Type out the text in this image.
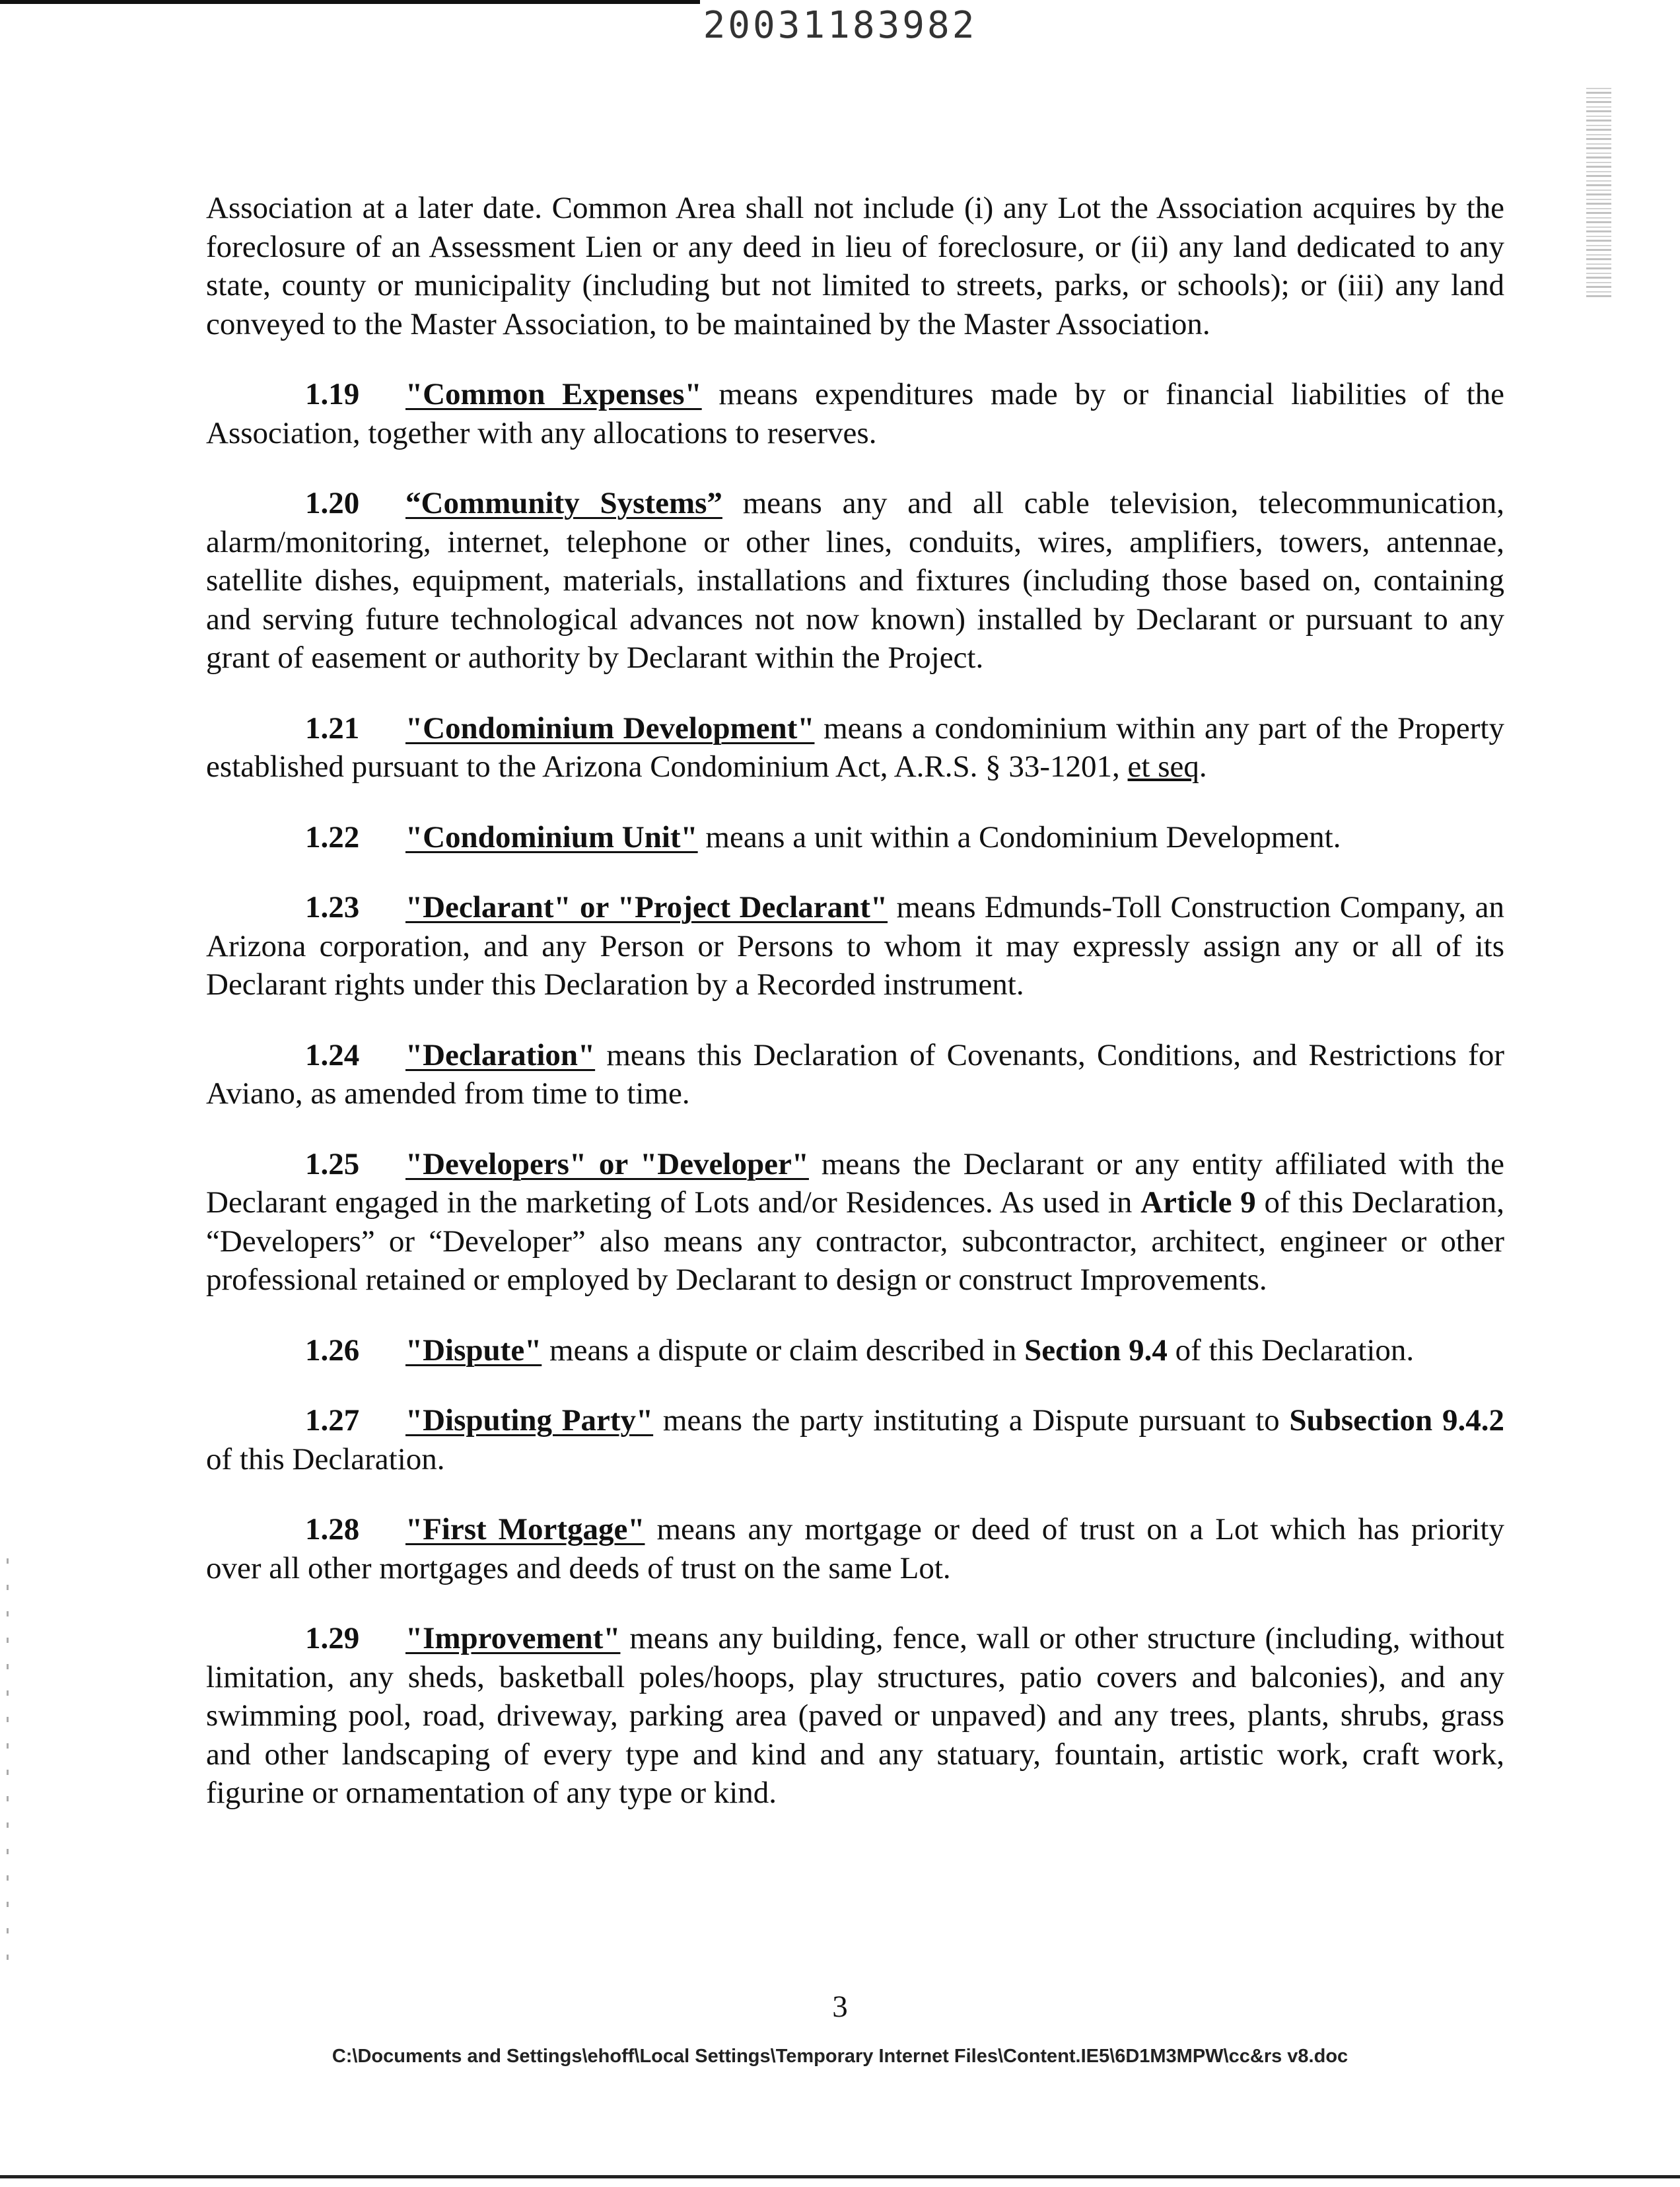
20031183982

Association at a later date. Common Area shall not include (i) any Lot the Association acquires by the foreclosure of an Assessment Lien or any deed in lieu of foreclosure, or (ii) any land dedicated to any state, county or municipality (including but not limited to streets, parks, or schools); or (iii) any land conveyed to the Master Association, to be maintained by the Master Association.

1.19 "Common Expenses" means expenditures made by or financial liabilities of the Association, together with any allocations to reserves.

1.20 “Community Systems” means any and all cable television, telecommunication, alarm/monitoring, internet, telephone or other lines, conduits, wires, amplifiers, towers, antennae, satellite dishes, equipment, materials, installations and fixtures (including those based on, containing and serving future technological advances not now known) installed by Declarant or pursuant to any grant of easement or authority by Declarant within the Project.

1.21 "Condominium Development" means a condominium within any part of the Property established pursuant to the Arizona Condominium Act, A.R.S. § 33-1201, et seq.

1.22 "Condominium Unit" means a unit within a Condominium Development.

1.23 "Declarant" or "Project Declarant" means Edmunds-Toll Construction Company, an Arizona corporation, and any Person or Persons to whom it may expressly assign any or all of its Declarant rights under this Declaration by a Recorded instrument.

1.24 "Declaration" means this Declaration of Covenants, Conditions, and Restrictions for Aviano, as amended from time to time.

1.25 "Developers" or "Developer" means the Declarant or any entity affiliated with the Declarant engaged in the marketing of Lots and/or Residences. As used in Article 9 of this Declaration, “Developers” or “Developer” also means any contractor, subcontractor, architect, engineer or other professional retained or employed by Declarant to design or construct Improvements.

1.26 "Dispute" means a dispute or claim described in Section 9.4 of this Declaration.

1.27 "Disputing Party" means the party instituting a Dispute pursuant to Subsection 9.4.2 of this Declaration.

1.28 "First Mortgage" means any mortgage or deed of trust on a Lot which has priority over all other mortgages and deeds of trust on the same Lot.

1.29 "Improvement" means any building, fence, wall or other structure (including, without limitation, any sheds, basketball poles/hoops, play structures, patio covers and balconies), and any swimming pool, road, driveway, parking area (paved or unpaved) and any trees, plants, shrubs, grass and other landscaping of every type and kind and any statuary, fountain, artistic work, craft work, figurine or ornamentation of any type or kind.

3
C:\Documents and Settings\ehoff\Local Settings\Temporary Internet Files\Content.IE5\6D1M3MPW\cc&rs v8.doc
